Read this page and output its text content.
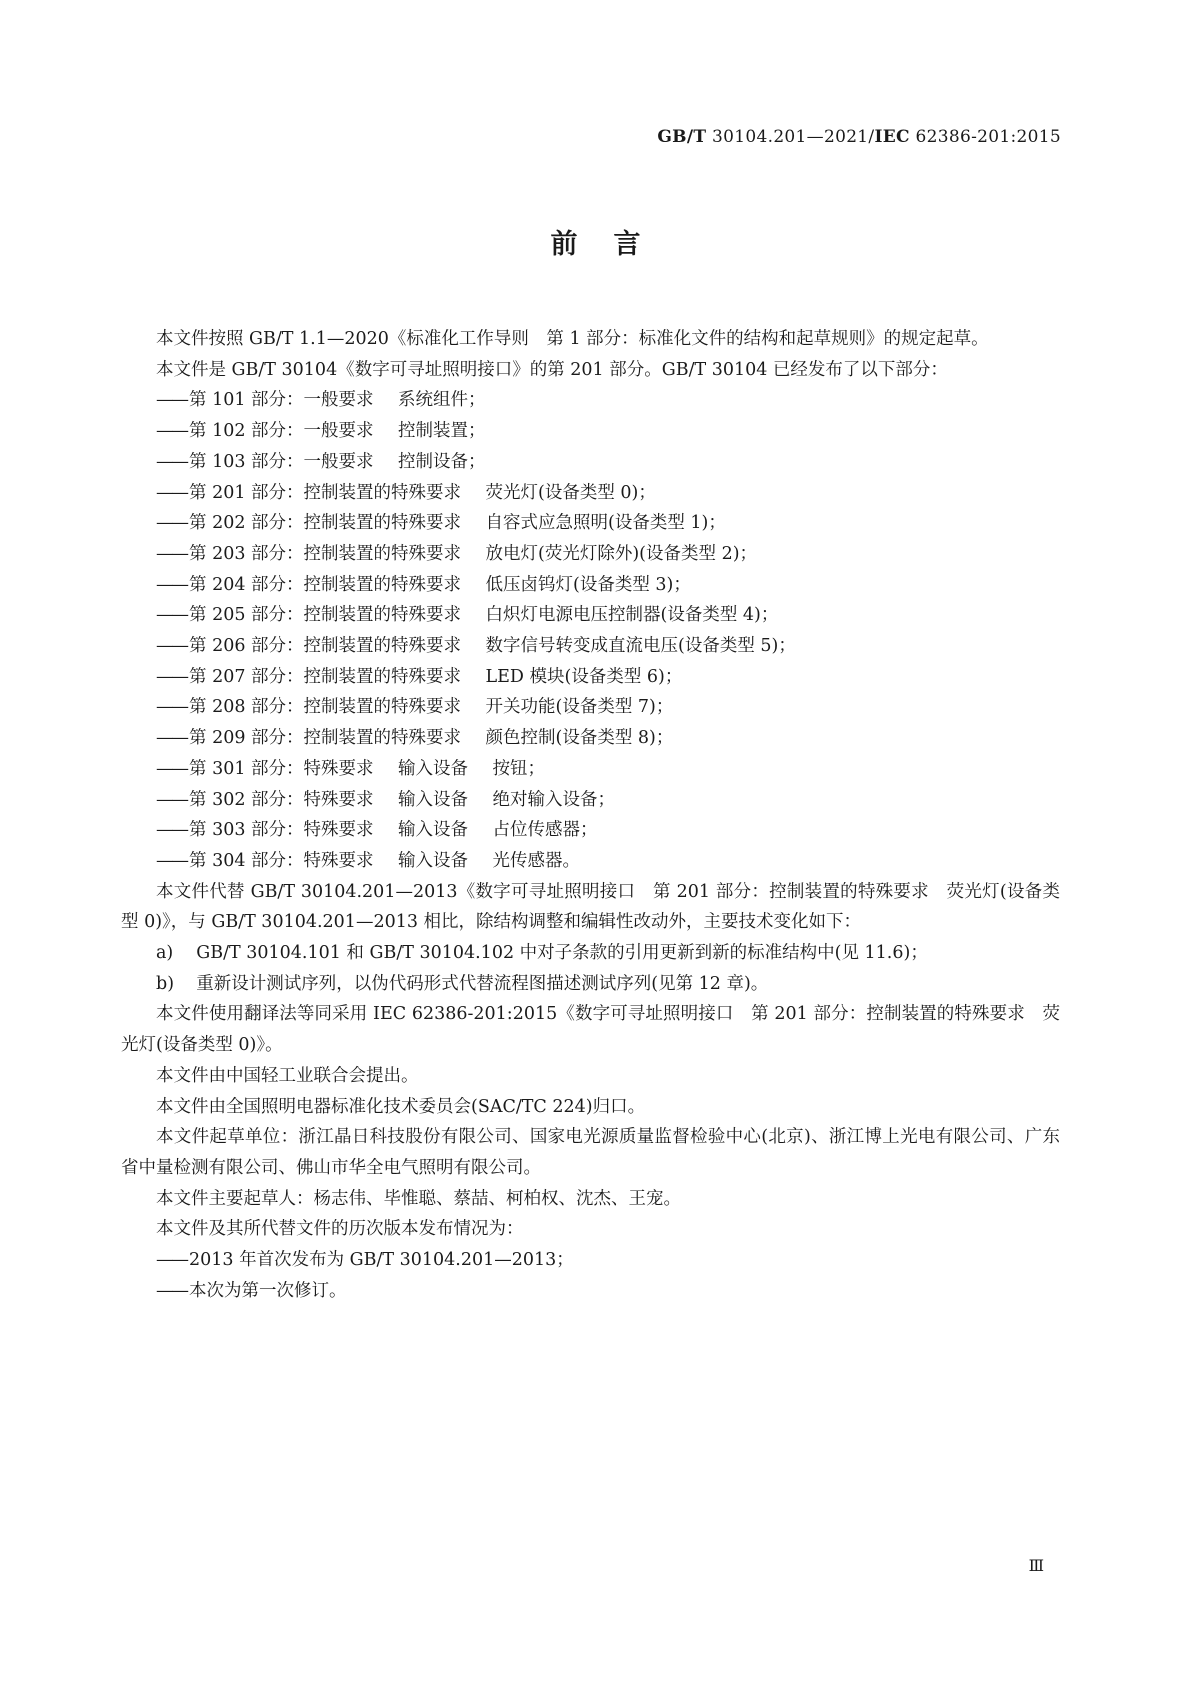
GB/T 30104.201—2021/IEC 62386-201:2015
前言

本文件按照 GB/T 1.1—2020《标准化工作导则　第 1 部分：标准化文件的结构和起草规则》的规定起草。

本文件是 GB/T 30104《数字可寻址照明接口》的第 201 部分。GB/T 30104 已经发布了以下部分：

—— 第 101 部分：一般要求 系统组件；

—— 第 102 部分：一般要求 控制装置；

—— 第 103 部分：一般要求 控制设备；

—— 第 201 部分：控制装置的特殊要求 荧光灯(设备类型 0)；

—— 第 202 部分：控制装置的特殊要求 自容式应急照明(设备类型 1)；

—— 第 203 部分：控制装置的特殊要求 放电灯(荧光灯除外)(设备类型 2)；

—— 第 204 部分：控制装置的特殊要求 低压卤钨灯(设备类型 3)；

—— 第 205 部分：控制装置的特殊要求 白炽灯电源电压控制器(设备类型 4)；

—— 第 206 部分：控制装置的特殊要求 数字信号转变成直流电压(设备类型 5)；

—— 第 207 部分：控制装置的特殊要求 LED 模块(设备类型 6)；

—— 第 208 部分：控制装置的特殊要求 开关功能(设备类型 7)；

—— 第 209 部分：控制装置的特殊要求 颜色控制(设备类型 8)；

—— 第 301 部分：特殊要求 输入设备 按钮；

—— 第 302 部分：特殊要求 输入设备 绝对输入设备；

—— 第 303 部分：特殊要求 输入设备 占位传感器；

—— 第 304 部分：特殊要求 输入设备 光传感器。

本文件代替 GB/T 30104.201—2013《数字可寻址照明接口　第 201 部分：控制装置的特殊要求　荧光灯(设备类型 0)》，与 GB/T 30104.201—2013 相比，除结构调整和编辑性改动外，主要技术变化如下：

a) GB/T 30104.101 和 GB/T 30104.102 中对子条款的引用更新到新的标准结构中(见 11.6)；

b) 重新设计测试序列，以伪代码形式代替流程图描述测试序列(见第 12 章)。

本文件使用翻译法等同采用 IEC 62386-201:2015《数字可寻址照明接口　第 201 部分：控制装置的特殊要求　荧光灯(设备类型 0)》。

本文件由中国轻工业联合会提出。

本文件由全国照明电器标准化技术委员会(SAC/TC 224)归口。

本文件起草单位：浙江晶日科技股份有限公司、国家电光源质量监督检验中心(北京)、浙江博上光电有限公司、广东省中量检测有限公司、佛山市华全电气照明有限公司。

本文件主要起草人：杨志伟、毕惟聪、蔡喆、柯柏权、沈杰、王宠。

本文件及其所代替文件的历次版本发布情况为：

—— 2013 年首次发布为 GB/T 30104.201—2013；

—— 本次为第一次修订。

Ⅲ
